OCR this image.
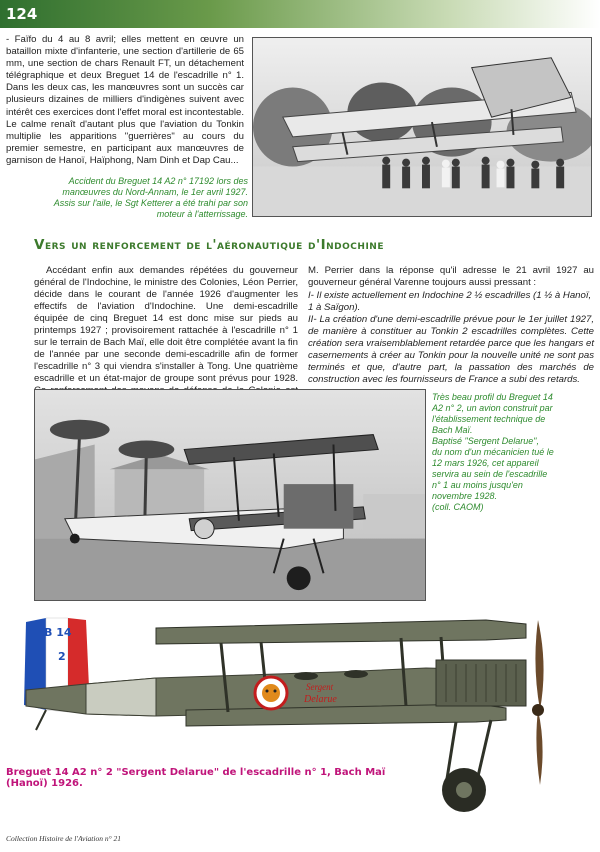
124

- Faïfo du 4 au 8 avril; elles mettent en œuvre un bataillon mixte d'infanterie, une section d'artillerie de 65 mm, une section de chars Renault FT, un détachement télégraphique et deux Breguet 14 de l'escadrille n° 1. Dans les deux cas, les manœuvres sont un succès car plusieurs dizaines de milliers d'indigènes suivent avec intérêt ces exercices dont l'effet moral est incontestable. Le calme renaît d'autant plus que l'aviation du Tonkin multiplie les apparitions "guerrières" au cours du premier semestre, en participant aux manœuvres de garnison de Hanoï, Haïphong, Nam Dinh et Dap Cau...

Accident du Breguet 14 A2 n° 17192 lors des
manœuvres du Nord-Annam, le 1er avril 1927.
Assis sur l'aile, le Sgt Ketterer a été trahi par son
moteur à l'atterrissage.
Vers un renforcement de l'aéronautique d'Indochine

Accédant enfin aux demandes répétées du gouverneur général de l'Indochine, le ministre des Colonies, Léon Perrier, décide dans le courant de l'année 1926 d'augmenter les effectifs de l'aviation d'Indochine. Une demi-escadrille équipée de cinq Breguet 14 est donc mise sur pieds au printemps 1927 ; provisoirement rattachée à l'escadrille n° 1 sur le terrain de Bach Maï, elle doit être complétée avant la fin de l'année par une seconde demi-escadrille afin de former l'escadrille n° 3 qui viendra s'installer à Tong. Une quatrième escadrille et un état-major de groupe sont prévus pour 1928.

M. Perrier dans la réponse qu'il adresse le 21 avril 1927 au gouverneur général Varenne toujours aussi pressant :

I- Il existe actuellement en Indochine 2 ½ escadrilles (1 ½ à Hanoï, 1 à Saïgon).

II- La création d'une demi-escadrille prévue pour le 1er juillet 1927, de manière à constituer au Tonkin 2 escadrilles complètes. Cette création sera vraisemblablement retardée parce que les hangars et casernements à créer au Tonkin pour la nouvelle unité ne sont pas terminés et que, d'autre part, la passation des marchés de construction avec les fournisseurs de France a subi des retards.

Très beau profil du Breguet 14
A2 n° 2, un avion construit par
l'établissement technique de
Bach Maï.
Baptisé "Sergent Delarue",
du nom d'un mécanicien tué le
12 mars 1926, cet appareil
servira au sein de l'escadrille
n° 1 au moins jusqu'en
novembre 1928.
(coll. CAOM)
B 14
2
Sergent
Delarue
Breguet 14 A2 n° 2 "Sergent Delarue" de l'escadrille n° 1, Bach Maï (Hanoï) 1926.
Collection Histoire de l'Aviation n° 21
